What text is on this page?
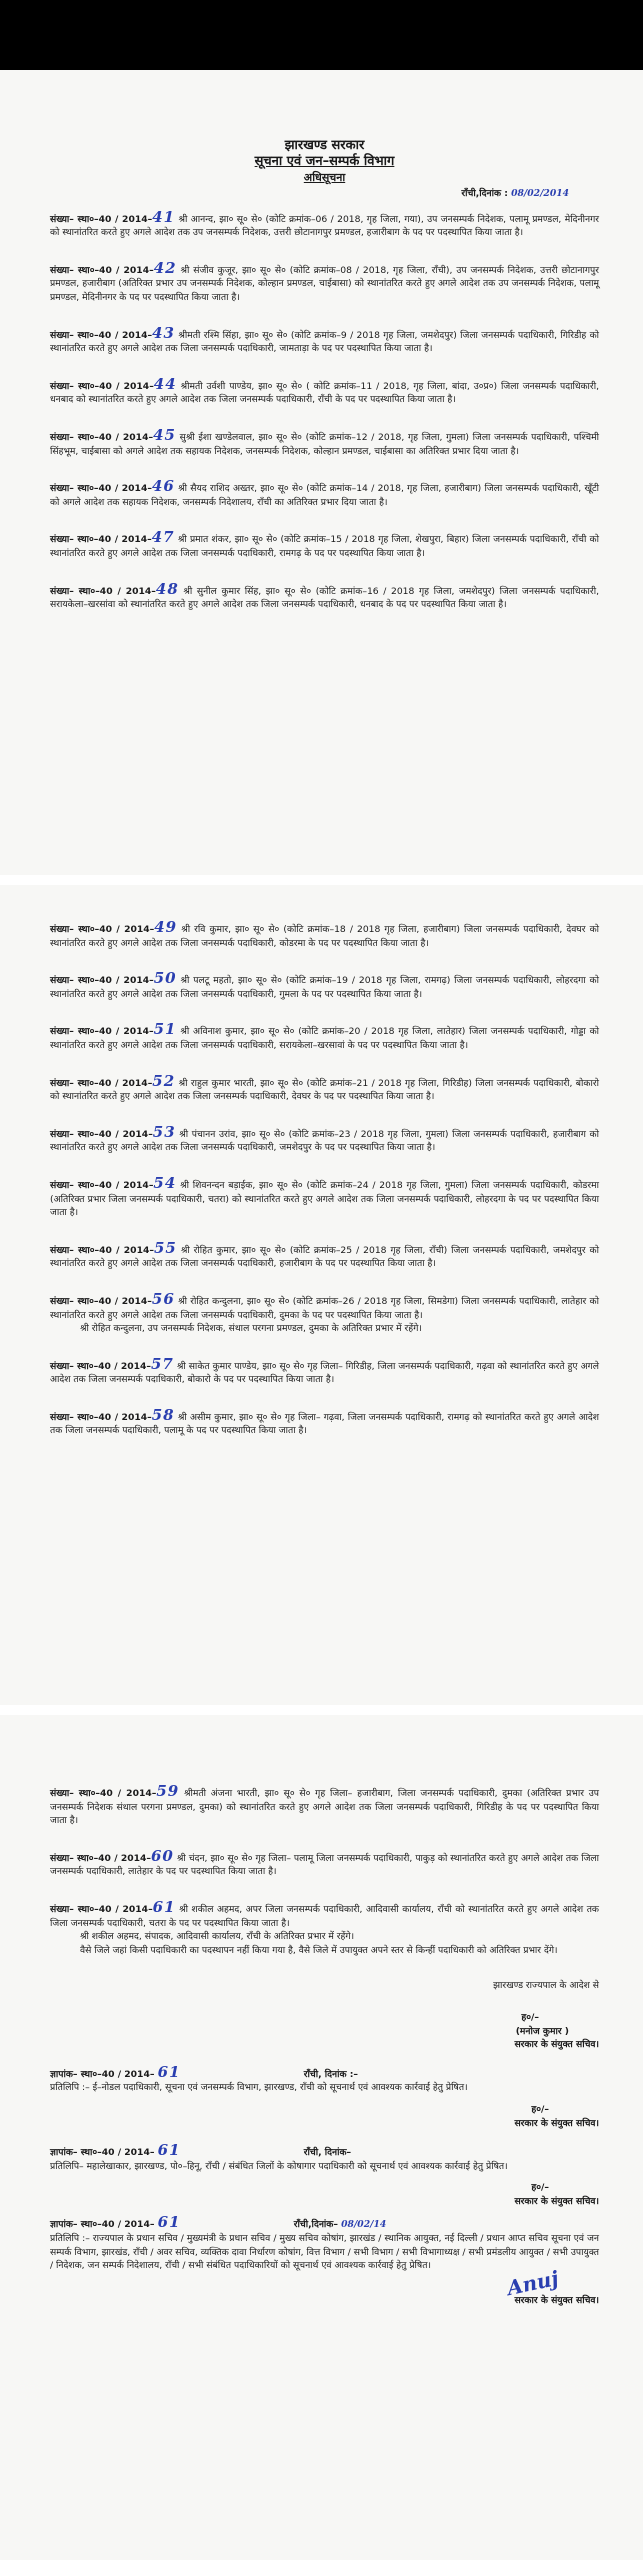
झारखण्ड सरकार
सूचना एवं जन–सम्पर्क विभाग
अधिसूचना
राँची,दिनांक : 08/02/2014
संख्या– स्था०–40 / 2014–41 श्री आनन्द, झा० सू० से० (कोटि क्रमांक–06 / 2018, गृह जिला, गया), उप जनसम्पर्क निदेशक, पलामू प्रमण्डल, मेदिनीनगर को स्थानांतरित करते हुए अगले आदेश तक उप जनसम्पर्क निदेशक, उत्तरी छोटानागपुर प्रमण्डल, हजारीबाग के पद पर पदस्थापित किया जाता है।
संख्या– स्था०–40 / 2014–42 श्री संजीव कुजूर, झा० सू० से० (कोटि क्रमांक–08 / 2018, गृह जिला, राँची), उप जनसम्पर्क निदेशक, उत्तरी छोटानागपुर प्रमण्डल, हजारीबाग (अतिरिक्त प्रभार उप जनसम्पर्क निदेशक, कोल्हान प्रमण्डल, चाईबासा) को स्थानांतरित करते हुए अगले आदेश तक उप जनसम्पर्क निदेशक, पलामू प्रमण्डल, मेदिनीनगर के पद पर पदस्थापित किया जाता है।
संख्या– स्था०–40 / 2014–43 श्रीमती रश्मि सिंहा, झा० सू० से० (कोटि क्रमांक–9 / 2018 गृह जिला, जमशेदपुर) जिला जनसम्पर्क पदाधिकारी, गिरिडीह को स्थानांतरित करते हुए अगले आदेश तक जिला जनसम्पर्क पदाधिकारी, जामताड़ा के पद पर पदस्थापित किया जाता है।
संख्या– स्था०–40 / 2014–44 श्रीमती उर्वशी पाण्डेय, झा० सू० से० ( कोटि क्रमांक–11 / 2018, गृह जिला, बांदा, उ०प्र०) जिला जनसम्पर्क पदाधिकारी, धनबाद को स्थानांतरित करते हुए अगले आदेश तक जिला जनसम्पर्क पदाधिकारी, राँची के पद पर पदस्थापित किया जाता है।
संख्या– स्था०–40 / 2014–45 सुश्री ईशा खण्डेलवाल, झा० सू० से० (कोटि क्रमांक–12 / 2018, गृह जिला, गुमला) जिला जनसम्पर्क पदाधिकारी, पश्चिमी सिंहभूम, चाईबासा को अगले आदेश तक सहायक निदेशक, जनसम्पर्क निदेशक, कोल्हान प्रमण्डल, चाईबासा का अतिरिक्त प्रभार दिया जाता है।
संख्या– स्था०–40 / 2014–46 श्री सैयद राशिद अख्तर, झा० सू० से० (कोटि क्रमांक–14 / 2018, गृह जिला, हजारीबाग) जिला जनसम्पर्क पदाधिकारी, खूँटी को अगले आदेश तक सहायक निदेशक, जनसम्पर्क निदेशालय, राँची का अतिरिक्त प्रभार दिया जाता है।
संख्या– स्था०–40 / 2014–47 श्री प्रमात शंकर, झा० सू० से० (कोटि क्रमांक–15 / 2018 गृह जिला, शेखपुरा, बिहार) जिला जनसम्पर्क पदाधिकारी, राँची को स्थानांतरित करते हुए अगले आदेश तक जिला जनसम्पर्क पदाधिकारी, रामगढ़ के पद पर पदस्थापित किया जाता है।
संख्या– स्था०–40 / 2014–48 श्री सुनील कुमार सिंह, झा० सू० से० (कोटि क्रमांक–16 / 2018 गृह जिला, जमशेदपुर) जिला जनसम्पर्क पदाधिकारी, सरायकेला–खरसांवा को स्थानांतरित करते हुए अगले आदेश तक जिला जनसम्पर्क पदाधिकारी, धनबाद के पद पर पदस्थापित किया जाता है।
संख्या– स्था०–40 / 2014–49 श्री रवि कुमार, झा० सू० से० (कोटि क्रमांक–18 / 2018 गृह जिला, हजारीबाग) जिला जनसम्पर्क पदाधिकारी, देवघर को स्थानांतरित करते हुए अगले आदेश तक जिला जनसम्पर्क पदाधिकारी, कोडरमा के पद पर पदस्थापित किया जाता है।
संख्या– स्था०–40 / 2014–50 श्री पलटू महतो, झा० सू० से० (कोटि क्रमांक–19 / 2018 गृह जिला, रामगढ़) जिला जनसम्पर्क पदाधिकारी, लोहरदगा को स्थानांतरित करते हुए अगले आदेश तक जिला जनसम्पर्क पदाधिकारी, गुमला के पद पर पदस्थापित किया जाता है।
संख्या– स्था०–40 / 2014–51 श्री अविनाश कुमार, झा० सू० से० (कोटि क्रमांक–20 / 2018 गृह जिला, लातेहार) जिला जनसम्पर्क पदाधिकारी, गोड्डा को स्थानांतरित करते हुए अगले आदेश तक जिला जनसम्पर्क पदाधिकारी, सरायकेला–खरसावां के पद पर पदस्थापित किया जाता है।
संख्या– स्था०–40 / 2014–52 श्री राहुल कुमार भारती, झा० सू० से० (कोटि क्रमांक–21 / 2018 गृह जिला, गिरिडीह) जिला जनसम्पर्क पदाधिकारी, बोकारो को स्थानांतरित करते हुए अगले आदेश तक जिला जनसम्पर्क पदाधिकारी, देवघर के पद पर पदस्थापित किया जाता है।
संख्या– स्था०–40 / 2014–53 श्री पंचानन उरांव, झा० सू० से० (कोटि क्रमांक–23 / 2018 गृह जिला, गुमला) जिला जनसम्पर्क पदाधिकारी, हजारीबाग को स्थानांतरित करते हुए अगले आदेश तक जिला जनसम्पर्क पदाधिकारी, जमशेदपुर के पद पर पदस्थापित किया जाता है।
संख्या– स्था०–40 / 2014–54 श्री शिवनन्दन बड़ाईक, झा० सू० से० (कोटि क्रमांक–24 / 2018 गृह जिला, गुमला) जिला जनसम्पर्क पदाधिकारी, कोडरमा (अतिरिक्त प्रभार जिला जनसम्पर्क पदाधिकारी, चतरा) को स्थानांतरित करते हुए अगले आदेश तक जिला जनसम्पर्क पदाधिकारी, लोहरदगा के पद पर पदस्थापित किया जाता है।
संख्या– स्था०–40 / 2014–55 श्री रोहित कुमार, झा० सू० से० (कोटि क्रमांक–25 / 2018 गृह जिला, राँची) जिला जनसम्पर्क पदाधिकारी, जमशेदपुर को स्थानांतरित करते हुए अगले आदेश तक जिला जनसम्पर्क पदाधिकारी, हजारीबाग के पद पर पदस्थापित किया जाता है।
संख्या– स्था०–40 / 2014–56 श्री रोहित कन्दुलना, झा० सू० से० (कोटि क्रमांक–26 / 2018 गृह जिला, सिमडेगा) जिला जनसम्पर्क पदाधिकारी, लातेहार को स्थानांतरित करते हुए अगले आदेश तक जिला जनसम्पर्क पदाधिकारी, दुमका के पद पर पदस्थापित किया जाता है।
श्री रोहित कन्दुलना, उप जनसम्पर्क निदेशक, संथाल परगना प्रमण्डल, दुमका के अतिरिक्त प्रभार में रहेंगे।
संख्या– स्था०–40 / 2014–57 श्री साकेत कुमार पाण्डेय, झा० सू० से० गृह जिला– गिरिडीह, जिला जनसम्पर्क पदाधिकारी, गढ़वा को स्थानांतरित करते हुए अगले आदेश तक जिला जनसम्पर्क पदाधिकारी, बोकारो के पद पर पदस्थापित किया जाता है।
संख्या– स्था०–40 / 2014–58 श्री असीम कुमार, झा० सू० से० गृह जिला– गढ़वा, जिला जनसम्पर्क पदाधिकारी, रामगढ़ को स्थानांतरित करते हुए अगले आदेश तक जिला जनसम्पर्क पदाधिकारी, पलामू के पद पर पदस्थापित किया जाता है।
संख्या– स्था०–40 / 2014–59 श्रीमती अंजना भारती, झा० सू० से० गृह जिला– हजारीबाग, जिला जनसम्पर्क पदाधिकारी, दुमका (अतिरिक्त प्रभार उप जनसम्पर्क निदेशक संथाल परगना प्रमण्डल, दुमका) को स्थानांतरित करते हुए अगले आदेश तक जिला जनसम्पर्क पदाधिकारी, गिरिडीह के पद पर पदस्थापित किया जाता है।
संख्या– स्था०–40 / 2014–60 श्री चंदन, झा० सू० से० गृह जिला– पलामू जिला जनसम्पर्क पदाधिकारी, पाकुड़ को स्थानांतरित करते हुए अगले आदेश तक जिला जनसम्पर्क पदाधिकारी, लातेहार के पद पर पदस्थापित किया जाता है।
संख्या– स्था०–40 / 2014–61 श्री शकील अहमद, अपर जिला जनसम्पर्क पदाधिकारी, आदिवासी कार्यालय, राँची को स्थानांतरित करते हुए अगले आदेश तक जिला जनसम्पर्क पदाधिकारी, चतरा के पद पर पदस्थापित किया जाता है।
श्री शकील अहमद, संपादक, आदिवासी कार्यालय, राँची के अतिरिक्त प्रभार में रहेंगे।
वैसे जिले जहां किसी पदाधिकारी का पदस्थापन नहीं किया गया है, वैसे जिले में उपायुक्त अपने स्तर से किन्हीं पदाधिकारी को अतिरिक्त प्रभार देंगे।
झारखण्ड राज्यपाल के आदेश से
ह०/–
(मनोज कुमार )
सरकार के संयुक्त सचिव।
ज्ञापांक– स्था०–40 / 2014– 61	राँची, दिनांक :–
प्रतिलिपि :– ई–नोडल पदाधिकारी, सूचना एवं जनसम्पर्क विभाग, झारखण्ड, राँची को सूचनार्थ एवं आवश्यक कार्रवाई हेतु प्रेषित।
ह०/–
सरकार के संयुक्त सचिव।
ज्ञापांक– स्था०–40 / 2014– 61	राँची, दिनांक–
प्रतिलिपि– महालेखाकार, झारखण्ड, पो०–हिनू, राँची / संबंधित जिलों के कोषागार पदाधिकारी को सूचनार्थ एवं आवश्यक कार्रवाई हेतु प्रेषित।
ह०/–
सरकार के संयुक्त सचिव।
ज्ञापांक– स्था०–40 / 2014– 61	राँची,दिनांक– 08/02/14
प्रतिलिपि :– राज्यपाल के प्रधान सचिव / मुख्यमंत्री के प्रधान सचिव / मुख्य सचिव कोषांग, झारखंड / स्थानिक आयुक्त, नई दिल्ली / प्रधान आप्त सचिव सूचना एवं जन सम्पर्क विभाग, झारखंड, राँची / अवर सचिव, व्यक्तिक दावा निर्धारण कोषांग, वित्त विभाग / सभी विभाग / सभी विभागाध्यक्ष / सभी प्रमंडलीय आयुक्त / सभी उपायुक्त / निदेशक, जन सम्पर्क निदेशालय, राँची / सभी संबंधित पदाधिकारियों को सूचनार्थ एवं आवश्यक कार्रवाई हेतु प्रेषित।	Anuj
सरकार के संयुक्त सचिव।
